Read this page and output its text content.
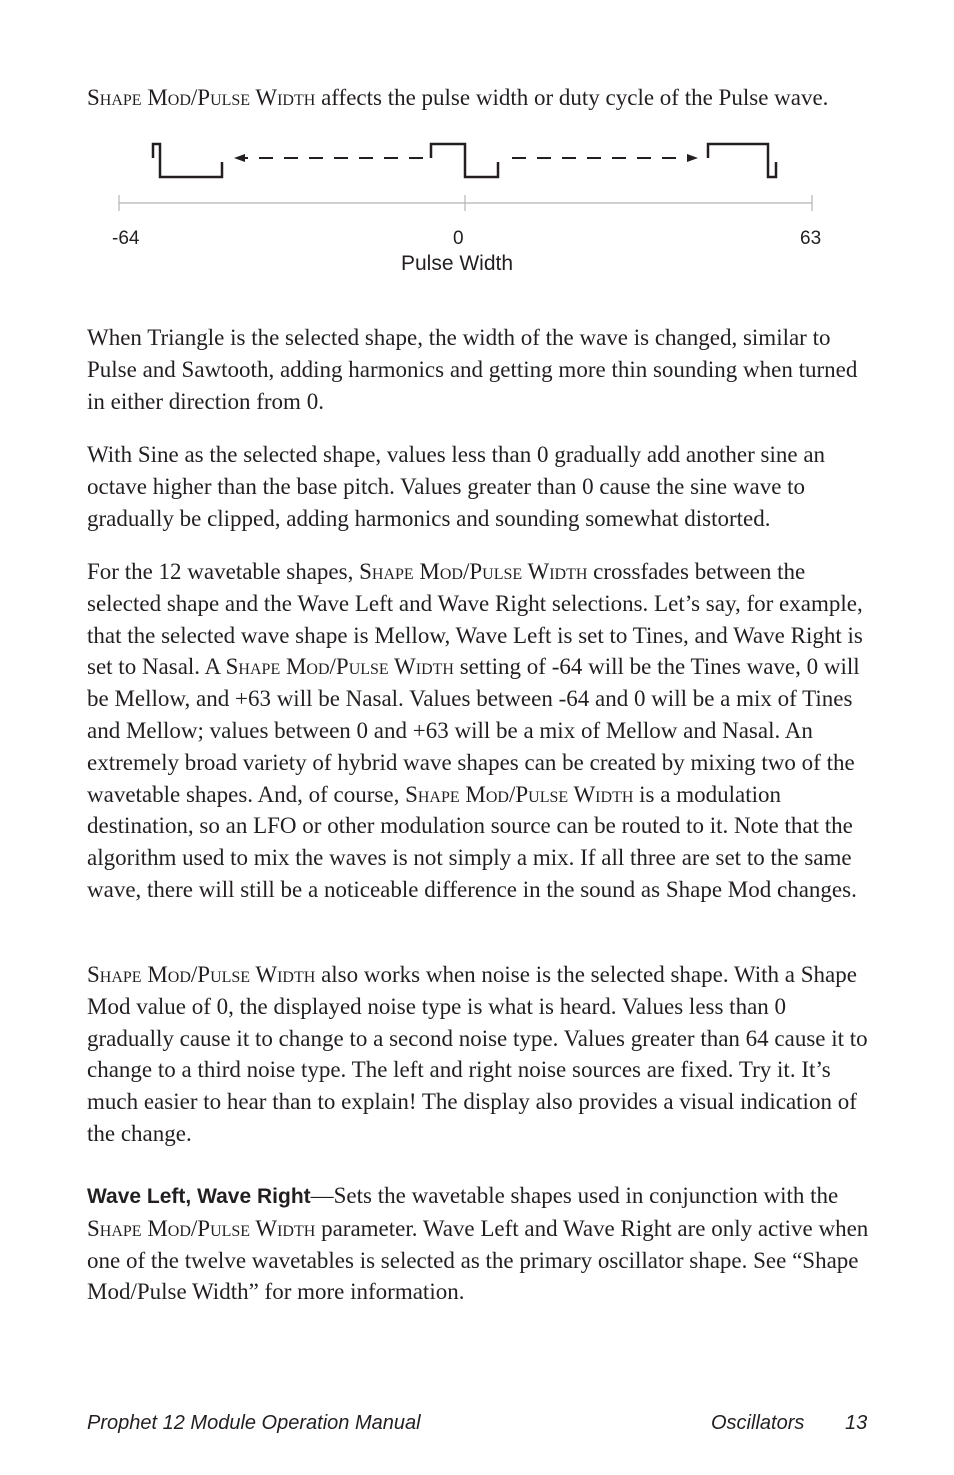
Shape Mod/Pulse Width affects the pulse width or duty cycle of the Pulse wave.

-64	0	63
Pulse Width

When Triangle is the selected shape, the width of the wave is changed, similar to Pulse and Sawtooth, adding harmonics and getting more thin sounding when turned in either direction from 0.

With Sine as the selected shape, values less than 0 gradually add another sine an octave higher than the base pitch. Values greater than 0 cause the sine wave to gradually be clipped, adding harmonics and sounding somewhat distorted.

For the 12 wavetable shapes, Shape Mod/Pulse Width crossfades between the selected shape and the Wave Left and Wave Right selections. Let’s say, for example, that the selected wave shape is Mellow, Wave Left is set to Tines, and Wave Right is set to Nasal. A Shape Mod/Pulse Width setting of -64 will be the Tines wave, 0 will be Mellow, and +63 will be Nasal. Values between -64 and 0 will be a mix of Tines and Mellow; values between 0 and +63 will be a mix of Mellow and Nasal. An extremely broad variety of hybrid wave shapes can be created by mixing two of the wavetable shapes. And, of course, Shape Mod/Pulse Width is a modulation destination, so an LFO or other modulation source can be routed to it. Note that the algorithm used to mix the waves is not simply a mix. If all three are set to the same wave, there will still be a noticeable difference in the sound as Shape Mod changes.

Shape Mod/Pulse Width also works when noise is the selected shape. With a Shape Mod value of 0, the displayed noise type is what is heard. Values less than 0 gradually cause it to change to a second noise type. Values greater than 64 cause it to change to a third noise type. The left and right noise sources are fixed. Try it. It’s much easier to hear than to explain! The display also provides a visual indication of the change.

Wave Left, Wave Right—Sets the wavetable shapes used in conjunction with the Shape Mod/Pulse Width parameter. Wave Left and Wave Right are only active when one of the twelve wavetables is selected as the primary oscillator shape. See “Shape Mod/Pulse Width” for more information.

Prophet 12 Module Operation Manual	Oscillators 13
